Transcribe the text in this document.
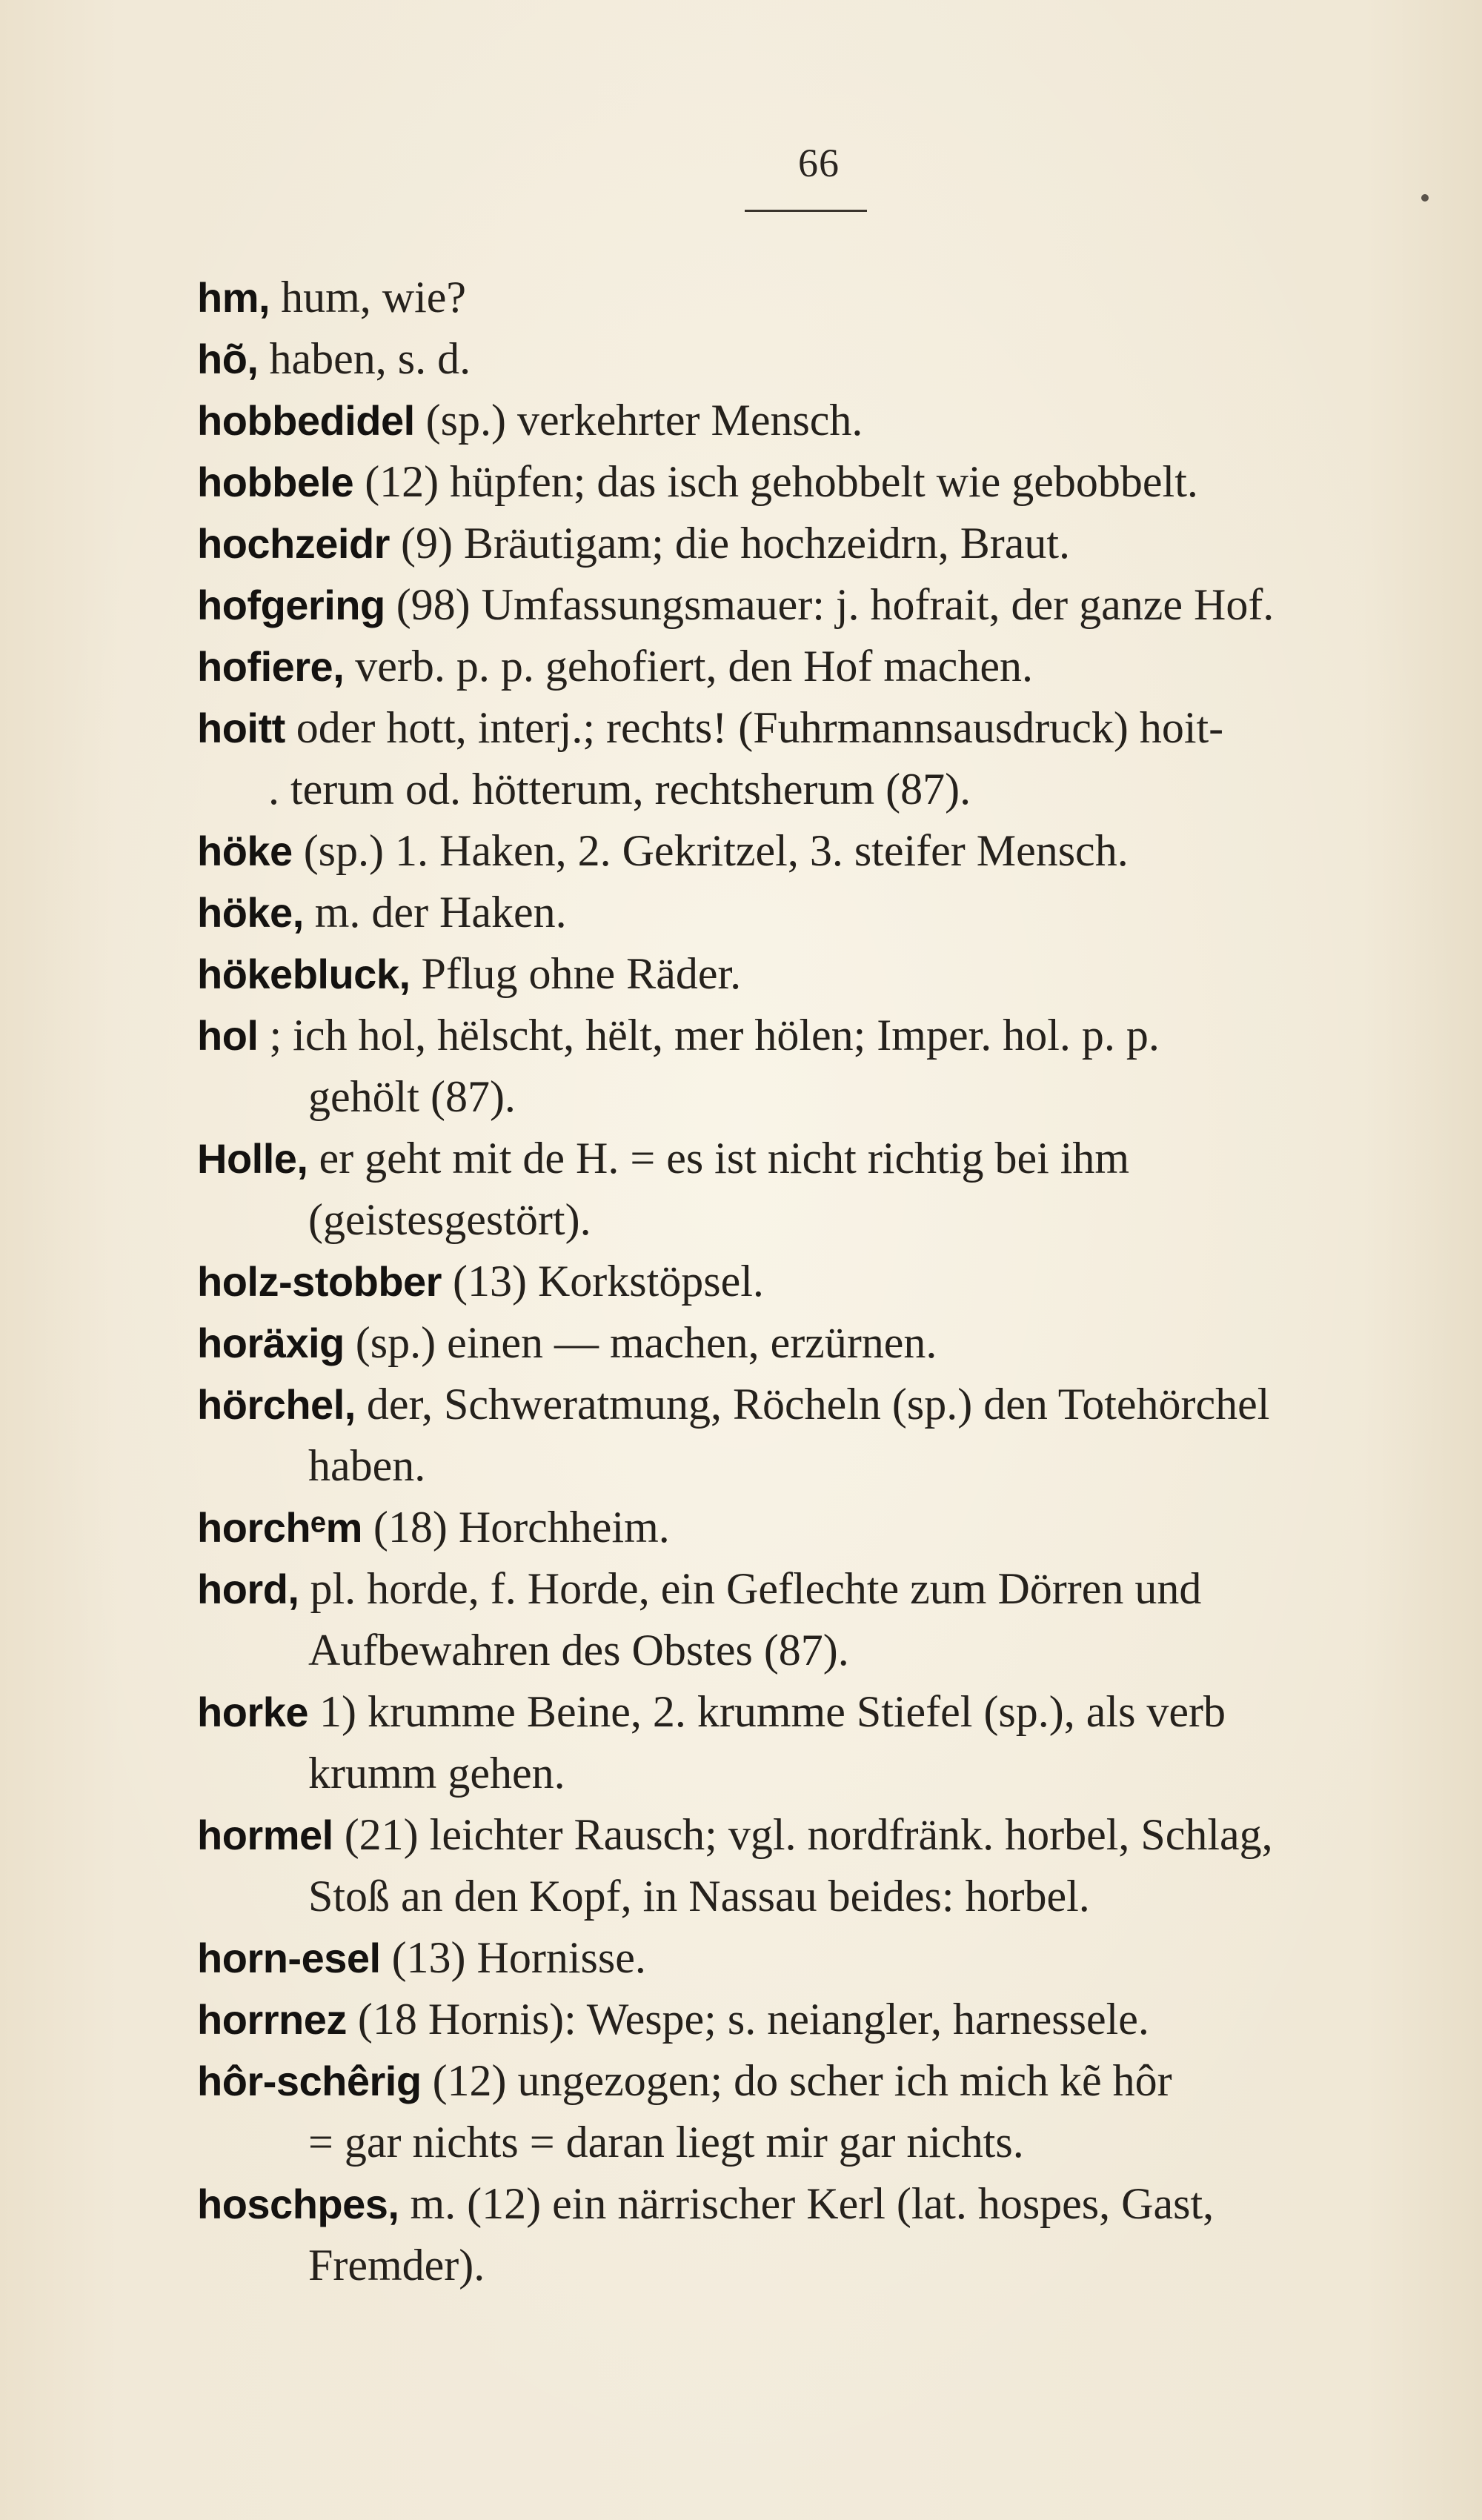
66
hm, hum, wie?
hõ, haben, s. d.
hobbedidel (sp.) verkehrter Mensch.
hobbele (12) hüpfen; das isch gehobbelt wie gebobbelt.
hochzeidr (9) Bräutigam; die hochzeidrn, Braut.
hofgering (98) Umfassungsmauer: j. hofrait, der ganze Hof.
hofiere, verb. p. p. gehofiert, den Hof machen.
hoitt oder hott, interj.; rechts! (Fuhrmannsausdruck) hoit-
. terum od. hötterum, rechtsherum (87).
höke (sp.) 1. Haken, 2. Gekritzel, 3. steifer Mensch.
höke, m. der Haken.
hökebluck, Pflug ohne Räder.
hol ; ich hol, hëlscht, hëlt, mer hölen; Imper. hol. p. p.
gehölt (87).
Holle, er geht mit de H. = es ist nicht richtig bei ihm
(geistesgestört).
holz-stobber (13) Korkstöpsel.
horäxig (sp.) einen — machen, erzürnen.
hörchel, der, Schweratmung, Röcheln (sp.) den Totehörchel
haben.
horchᵉm (18) Horchheim.
hord, pl. horde, f. Horde, ein Geflechte zum Dörren und
Aufbewahren des Obstes (87).
horke 1) krumme Beine, 2. krumme Stiefel (sp.), als verb
krumm gehen.
hormel (21) leichter Rausch; vgl. nordfränk. horbel, Schlag,
Stoß an den Kopf, in Nassau beides: horbel.
horn-esel (13) Hornisse.
horrnez (18 Hornis): Wespe; s. neiangler, harnessele.
hôr-schêrig (12) ungezogen; do scher ich mich kẽ hôr
= gar nichts = daran liegt mir gar nichts.
hoschpes, m. (12) ein närrischer Kerl (lat. hospes, Gast,
Fremder).
